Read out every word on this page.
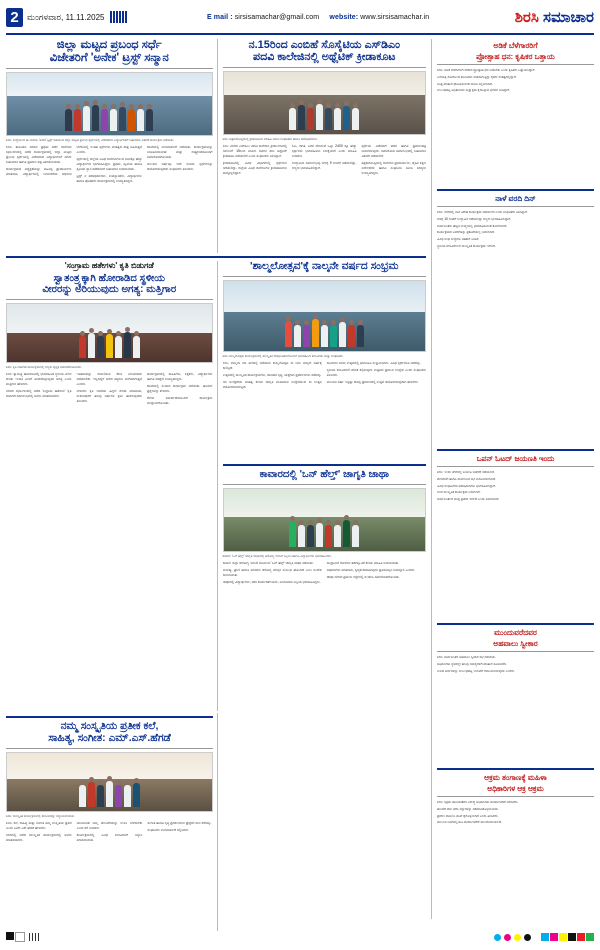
2 ಮಂಗಳವಾರ, 11.11.2025	E mail : sirsisamachar@gmail.com website: www.sirsisamachar.in	ಶಿರಸಿ ಸಮಾಚಾರ
ಜಿಲ್ಲಾ ಮಟ್ಟದ ಪ್ರಬಂಧ ಸರ್ಧೆ
ವಿಜೇತರಿಗೆ 'ಅನೇಕ' ಟ್ರಸ್ಟ್ ಸನ್ಮಾನ
ಶಿರಸಿ: ಸಂಸ್ಥೆಯಿಂದ ಈ ಬಾರಿಯ 'ಅನೇಕ' ಟ್ರಸ್ಟ್ ವತಿಯಿಂದ ಜಿಲ್ಲಾ ಮಟ್ಟದ ಪ್ರಬಂಧ ಸ್ಪರ್ಧೆಯಲ್ಲಿ ವಿಜೇತರಾದ ವಿದ್ಯಾರ್ಥಿಗಳಿಗೆ ಬಹುಮಾನ ವಿತರಣೆ ಕಾರ್ಯಕ್ರಮ ನಡೆಯಿತು.

ಶಿರಸಿ: ತಾಲೂಕಿನ ಸರಕಾರಿ ಪ್ರಥಮ ದರ್ಜೆ ಕಾಲೇಜಿನ ಸಭಾಂಗಣದಲ್ಲಿ ನಡೆದ ಕಾರ್ಯಕ್ರಮದಲ್ಲಿ ಜಿಲ್ಲಾ ಮಟ್ಟದ ಪ್ರಬಂಧ ಸ್ಪರ್ಧೆಯಲ್ಲಿ ವಿಜೇತರಾದ ವಿದ್ಯಾರ್ಥಿಗಳಿಗೆ ನಗದು ಬಹುಮಾನ ಹಾಗೂ ಪ್ರಮಾಣ ಪತ್ರ ವಿತರಿಸಲಾಯಿತು.

ಕಾರ್ಯಕ್ರಮದ ಅಧ್ಯಕ್ಷತೆಯನ್ನು ವಹಿಸಿದ್ದ ಪ್ರಾಚಾರ್ಯರು ಮಾತನಾಡಿ, ವಿದ್ಯಾರ್ಥಿಗಳಲ್ಲಿ ಬರವಣಿಗೆಯ ಅಭಿರುಚಿ ಬೆಳೆಸುವಲ್ಲಿ ಇಂತಹ ಸ್ಪರ್ಧೆಗಳು ಮಹತ್ವದ ಪಾತ್ರ ವಹಿಸುತ್ತವೆ ಎಂದರು.

ಸ್ಪರ್ಧೆಯಲ್ಲಿ ಜಿಲ್ಲೆಯ ವಿವಿಧ ಕಾಲೇಜುಗಳಿಂದ ನೂರಕ್ಕೂ ಹೆಚ್ಚು ವಿದ್ಯಾರ್ಥಿಗಳು ಭಾಗವಹಿಸಿದ್ದರು. ಪ್ರಥಮ, ದ್ವಿತೀಯ ಹಾಗೂ ತೃತೀಯ ಸ್ಥಾನ ಪಡೆದವರಿಗೆ ಬಹುಮಾನ ನೀಡಲಾಯಿತು.

ಟ್ರಸ್ಟ್ ನ ಪದಾಧಿಕಾರಿಗಳು, ಉಪನ್ಯಾಸಕರು, ವಿದ್ಯಾರ್ಥಿಗಳು ಹಾಗೂ ಪೋಷಕರು ಕಾರ್ಯಕ್ರಮದಲ್ಲಿ ಉಪಸ್ಥಿತರಿದ್ದರು.

ಕೊನೆಯಲ್ಲಿ ವಂದನಾರ್ಪಣೆ ನಡೆಯಿತು. ಕಾರ್ಯಕ್ರಮವನ್ನು ನಿರೂಪಿಸಲಾಯಿತು ಮತ್ತು ರಾಷ್ಟ್ರಗೀತೆಯೊಂದಿಗೆ ಸಮಾರೋಪಗೊಂಡಿತು.

ಮುಂದಿನ ವರ್ಷವೂ ಇದೇ ರೀತಿಯ ಸ್ಪರ್ಧೆಗಳನ್ನು ಆಯೋಜಿಸುವುದಾಗಿ ಸಂಘಟಕರು ತಿಳಿಸಿದರು.

ನ.15ರಿಂದ ಎಂಬಿಹೆ ಸೊಸೈಟಿಯ ಎಸ್‌ಡಿಎಂ
ಪದವಿ ಕಾಲೇಜಿನಲ್ಲಿ ಅಥ್ಲೆಟಿಕ್ ಕ್ರೀಡಾಕೂಟ
ಶಿರಸಿ: ಪತ್ರಿಕಾಗೋಷ್ಠಿಯಲ್ಲಿ ಕ್ರೀಡಾಕೂಟದ ಮಾಹಿತಿ ನೀಡಿದ ಸಂಘಟಕರು ಹಾಗೂ ಪದಾಧಿಕಾರಿಗಳು.

ಶಿರಸಿ: ನಗರದ ಎಸ್‌ಡಿಎಂ ಪದವಿ ಕಾಲೇಜಿನ ಕ್ರೀಡಾಂಗಣದಲ್ಲಿ ನವೆಂಬರ್ 15ರಿಂದ ಮೂರು ದಿನಗಳ ಕಾಲ ಅಥ್ಲೆಟಿಕ್ ಕ್ರೀಡಾಕೂಟ ನಡೆಯಲಿದೆ ಎಂದು ಸಂಘಟಕರು ತಿಳಿಸಿದ್ದಾರೆ.

ಕ್ರೀಡಾಕೂಟದಲ್ಲಿ ವಿವಿಧ ವಿಭಾಗಗಳಲ್ಲಿ ಸ್ಪರ್ಧೆಗಳು ನಡೆಯಲಿದ್ದು, ಜಿಲ್ಲೆಯ ವಿವಿಧ ಕಾಲೇಜುಗಳ ಕ್ರೀಡಾಪಟುಗಳು ಪಾಲ್ಗೊಳ್ಳಲಿದ್ದಾರೆ.

ಓಟ, ಜಿಗಿತ, ಎಸೆತ ಸೇರಿದಂತೆ ಒಟ್ಟು 2400 ಕ್ಕೂ ಹೆಚ್ಚು ಸ್ಪರ್ಧಿಗಳು ಭಾಗವಹಿಸುವ ನಿರೀಕ್ಷೆಯಿದೆ ಎಂದು ಮಾಹಿತಿ ನೀಡಿದರು.

ಉದ್ಘಾಟನಾ ಸಮಾರಂಭವು ಬೆಳಿಗ್ಗೆ 9 ಗಂಟೆಗೆ ನಡೆಯಲಿದ್ದು, ಗಣ್ಯರು ಭಾಗವಹಿಸಲಿದ್ದಾರೆ.

ಸ್ಪರ್ಧೆಯ ವಿಜೇತರಿಗೆ ಪದಕ ಹಾಗೂ ಪ್ರಮಾಣಪತ್ರ ನೀಡಲಾಗುವುದು. ಸಮಾರೋಪ ಸಮಾರಂಭದಲ್ಲಿ ಬಹುಮಾನ ವಿತರಣೆ ನಡೆಯಲಿದೆ.

ಪತ್ರಿಕಾಗೋಷ್ಠಿಯಲ್ಲಿ ಕಾಲೇಜಿನ ಪ್ರಾಚಾರ್ಯರು, ದೈಹಿಕ ಶಿಕ್ಷಣ ನಿರ್ದೇಶಕರು ಹಾಗೂ ಸಂಘಟನಾ ಸಮಿತಿ ಸದಸ್ಯರು ಉಪಸ್ಥಿತರಿದ್ದರು.

'ಸಂಗ್ರಾಮ ಹತೇಗಳು' ಕೃತಿ ಬಿಡುಗಡೆ
ಸ್ವಾತಂತ್ರ್ಯಕ್ಕಾಗಿ ಹೋರಾಡಿದ ಸ್ಥಳೀಯ
ವೀರರನ್ನು ಅರಿಯುವುದು ಅಗತ್ಯ: ಮತ್ತಿಗಾರ
ಶಿರಸಿ: ಕೃತಿ ಬಿಡುಗಡೆ ಕಾರ್ಯಕ್ರಮದಲ್ಲಿ ಗಣ್ಯರು ಪುಸ್ತಕ ಬಿಡುಗಡೆಗೊಳಿಸಿದರು.

ಶಿರಸಿ: ಸ್ವಾತಂತ್ರ್ಯ ಹೋರಾಟದಲ್ಲಿ ಭಾಗವಹಿಸಿದ ಸ್ಥಳೀಯ ವೀರರ ಕುರಿತು ಇಂದಿನ ಪೀಳಿಗೆ ತಿಳಿದುಕೊಳ್ಳುವುದು ಅಗತ್ಯ ಎಂದು ಮತ್ತಿಗಾರ ಹೇಳಿದರು.

ನಗರದ ಸಭಾಂಗಣದಲ್ಲಿ ನಡೆದ 'ಸಂಗ್ರಾಮ ಹತೇಗಳು' ಕೃತಿ ಬಿಡುಗಡೆ ಸಮಾರಂಭದಲ್ಲಿ ಅವರು ಮಾತನಾಡಿದರು.

ಇತಿಹಾಸವನ್ನು ದಾಖಲಿಸುವ ಕೆಲಸ ನಿರಂತರವಾಗಿ ನಡೆಯಬೇಕು. ಇಲ್ಲದಿದ್ದರೆ ಅನೇಕ ಸತ್ಯಗಳು ಮರೆಯಾಗುತ್ತವೆ ಎಂದರು.

ಲೇಖಕರು ಕೃತಿ ರಚನೆಯ ಹಿನ್ನೆಲೆ ಕುರಿತು ಮಾತನಾಡಿ, ಸಂಶೋಧನೆಗೆ ಹಲವು ವರ್ಷಗಳ ಶ್ರಮ ಹಾಕಿರುವುದಾಗಿ ತಿಳಿಸಿದರು.

ಕಾರ್ಯಕ್ರಮದಲ್ಲಿ ಸಾಹಿತಿಗಳು, ಶಿಕ್ಷಕರು, ವಿದ್ಯಾರ್ಥಿಗಳು ಹಾಗೂ ಆಸಕ್ತರು ಉಪಸ್ಥಿತರಿದ್ದರು.

ಕೊನೆಯಲ್ಲಿ ಸಂವಾದ ಕಾರ್ಯಕ್ರಮ ನಡೆಯಿತು. ಹಲವರು ಪ್ರಶ್ನೆಗಳನ್ನು ಕೇಳಿದರು.

ಗೌರವ ಸಮರ್ಪಣೆಯೊಂದಿಗೆ ಕಾರ್ಯಕ್ರಮ ಮುಕ್ತಾಯಗೊಂಡಿತು.

'ಶಾಲ್ಮಲೋತ್ಸವ'ಕ್ಕೆ ನಾಲ್ಕನೇ ವರ್ಷದ ಸಂಭ್ರಮ
ಶಿರಸಿ: ಶಾಲ್ಮಲೋತ್ಸವ ಕಾರ್ಯಕ್ರಮದಲ್ಲಿ ಸಾಂಸ್ಕೃತಿಕ ವೇಷಭೂಷಣದೊಂದಿಗೆ ಭಾಗವಹಿಸಿದ ಕಲಾವಿದರು ಮತ್ತು ಸಂಘಟಕರು.

ಶಿರಸಿ: ಶಾಲ್ಮಲಾ ನದಿ ತೀರದಲ್ಲಿ ನಡೆಯುವ ಶಾಲ್ಮಲೋತ್ಸವ ಈ ಬಾರಿ ನಾಲ್ಕನೇ ವರ್ಷಕ್ಕೆ ಕಾಲಿಟ್ಟಿದೆ.

ಉತ್ಸವದಲ್ಲಿ ಸಾಂಸ್ಕೃತಿಕ ಕಾರ್ಯಕ್ರಮಗಳು, ಜಾನಪದ ನೃತ್ಯ, ಯಕ್ಷಗಾನ ಪ್ರದರ್ಶನಗಳು ನಡೆದವು.

ನದಿ ಸಂರಕ್ಷಣೆಯ ಮಹತ್ವ ಕುರಿತು ಜಾಗೃತಿ ಮೂಡಿಸುವ ಉದ್ದೇಶದಿಂದ ಈ ಉತ್ಸವ ಆಯೋಜಿಸಲಾಗುತ್ತಿದೆ.

ಸಾವಿರಾರು ಜನರು ಉತ್ಸವದಲ್ಲಿ ಭಾಗವಹಿಸಿ ಸಂಭ್ರಮಿಸಿದರು. ವಿವಿಧ ಸ್ಪರ್ಧೆಗಳೂ ನಡೆದವು.

ಸ್ಥಳೀಯ ಕಲಾವಿದರಿಗೆ ವೇದಿಕೆ ಕಲ್ಪಿಸುವುದು ಉತ್ಸವದ ಪ್ರಮುಖ ಉದ್ದೇಶ ಎಂದು ಸಂಘಟಕರು ತಿಳಿಸಿದರು.

ಮುಂದಿನ ವರ್ಷ ಇನ್ನಷ್ಟು ದೊಡ್ಡ ಪ್ರಮಾಣದಲ್ಲಿ ಉತ್ಸವ ಆಯೋಜಿಸುವುದಾಗಿ ಹೇಳಿದರು.

ಕಾವಾರದಲ್ಲಿ 'ಒನ್ ಹೆಲ್ತ್' ಜಾಗೃತಿ ಜಾಥಾ
ಕಾವಾರ: 'ಒನ್ ಹೆಲ್ತ್' ಜಾಗೃತಿ ಜಾಥಾದಲ್ಲಿ ಆರೋಗ್ಯ ಇಲಾಖೆ ಸಿಬ್ಬಂದಿ ಹಾಗೂ ವಿದ್ಯಾರ್ಥಿಗಳು ಭಾಗವಹಿಸಿದರು.

ಕಾವಾರ: ಜಿಲ್ಲಾ ಆರೋಗ್ಯ ಇಲಾಖೆ ವತಿಯಿಂದ 'ಒನ್ ಹೆಲ್ತ್' ಜಾಗೃತಿ ಜಾಥಾ ನಡೆಯಿತು.

ಮನುಷ್ಯ, ಪ್ರಾಣಿ ಹಾಗೂ ಪರಿಸರದ ಆರೋಗ್ಯ ಪರಸ್ಪರ ಸಂಬಂಧ ಹೊಂದಿದೆ ಎಂಬ ಸಂದೇಶ ಸಾರಲಾಯಿತು.

ಜಾಥಾದಲ್ಲಿ ವಿದ್ಯಾರ್ಥಿಗಳು, ಆಶಾ ಕಾರ್ಯಕರ್ತೆಯರು, ಅಂಗನವಾಡಿ ಸಿಬ್ಬಂದಿ ಭಾಗವಹಿಸಿದ್ದರು.

ಸಾಂಕ್ರಾಮಿಕ ರೋಗಗಳ ತಡೆಗಟ್ಟುವಿಕೆ ಕುರಿತು ಮಾಹಿತಿ ನೀಡಲಾಯಿತು.

ಅಧಿಕಾರಿಗಳು ಮಾತನಾಡಿ, ಸ್ವಚ್ಛತೆ ಕಾಪಾಡುವುದು ಪ್ರತಿಯೊಬ್ಬರ ಜವಾಬ್ದಾರಿ ಎಂದರು.

ಜಾಥಾ ನಗರದ ಪ್ರಮುಖ ರಸ್ತೆಗಳಲ್ಲಿ ಸಂಚರಿಸಿ ಸಮಾರೋಪಗೊಂಡಿತು.

ನಮ್ಮ ಸಂಸ್ಕೃತಿಯ ಪ್ರತೀಕ ಕಲೆ,
ಸಾಹಿತ್ಯ, ಸಂಗೀತ: ಎಮ್.ಎಸ್.ಹೆಗಡೆ
ಶಿರಸಿ: ಸಾಂಸ್ಕೃತಿಕ ಕಾರ್ಯಕ್ರಮದಲ್ಲಿ ಕಲಾವಿದರನ್ನು ಸನ್ಮಾನಿಸಲಾಯಿತು.

ಶಿರಸಿ: ಕಲೆ, ಸಾಹಿತ್ಯ ಮತ್ತು ಸಂಗೀತ ನಮ್ಮ ಸಂಸ್ಕೃತಿಯ ಪ್ರತೀಕ ಎಂದು ಎಮ್.ಎಸ್.ಹೆಗಡೆ ಹೇಳಿದರು.

ನಗರದಲ್ಲಿ ನಡೆದ ಸಾಂಸ್ಕೃತಿಕ ಕಾರ್ಯಕ್ರಮದಲ್ಲಿ ಅವರು ಮಾತನಾಡಿದರು.

ಯುವಜನತೆ ನಮ್ಮ ಪರಂಪರೆಯನ್ನು ಉಳಿಸಿ ಬೆಳೆಸಬೇಕು ಎಂದು ಕರೆ ನೀಡಿದರು.

ಕಾರ್ಯಕ್ರಮದಲ್ಲಿ ವಿವಿಧ ಕಲಾವಿದರಿಗೆ ಸನ್ಮಾನ ಮಾಡಲಾಯಿತು.

ಸಂಗೀತ ಹಾಗೂ ನೃತ್ಯ ಪ್ರದರ್ಶನಗಳು ಪ್ರೇಕ್ಷಕರ ಮನ ಸೆಳೆದವು.

ಸಂಘಟಕರು ವಂದನಾರ್ಪಣೆ ಸಲ್ಲಿಸಿದರು.

ಅಡಿಕೆ ಬೆಳೆಗಾರರಿಗೆ
ಪ್ರೋತ್ಸಾಹ ಧನ: ಕೃಷಿಕರ ಒತ್ತಾಯ

ಶಿರಸಿ: ಅಡಿಕೆ ಬೆಳೆಗಾರರಿಗೆ ಸರಕಾರ ಪ್ರೋತ್ಸಾಹ ಧನ ನೀಡಬೇಕು ಎಂದು ಕೃಷಿಕರು ಒತ್ತಾಯಿಸಿದ್ದಾರೆ.

ಎಲೆಚುಕ್ಕಿ ರೋಗದಿಂದ ತೋಟಗಳು ನಾಶವಾಗುತ್ತಿದ್ದು ರೈತರು ಸಂಕಷ್ಟದಲ್ಲಿದ್ದಾರೆ.

ಸೂಕ್ತ ಪರಿಹಾರ ಘೋಷಿಸುವಂತೆ ಮನವಿ ಸಲ್ಲಿಸಲಾಗಿದೆ.

ಸಂಬಂಧಪಟ್ಟ ಅಧಿಕಾರಿಗಳು ಶೀಘ್ರ ಕ್ರಮ ಕೈಗೊಳ್ಳುವ ಭರವಸೆ ನೀಡಿದ್ದಾರೆ.

ನಾಳೆ ವರದಿ ದಿನ್

ಶಿರಸಿ: ನಗರದಲ್ಲಿ ನಾಳೆ ವಿಶೇಷ ಕಾರ್ಯಕ್ರಮ ನಡೆಯಲಿದೆ ಎಂದು ಸಂಘಟಕರು ತಿಳಿಸಿದ್ದಾರೆ.

ಬೆಳಿಗ್ಗೆ 10 ಗಂಟೆಗೆ ಉದ್ಘಾಟನೆ ನಡೆಯಲಿದ್ದು ಗಣ್ಯರು ಭಾಗವಹಿಸಲಿದ್ದಾರೆ.

ಸಾರ್ವಜನಿಕರು ಹೆಚ್ಚಿನ ಸಂಖ್ಯೆಯಲ್ಲಿ ಭಾಗವಹಿಸುವಂತೆ ಕೋರಲಾಗಿದೆ.

ಕಾರ್ಯಕ್ರಮದ ವಿವರಗಳನ್ನು ಪ್ರಕಟಣೆಯಲ್ಲಿ ನೀಡಲಾಗಿದೆ.

ವಿವಿಧ ಸಂಘ ಸಂಸ್ಥೆಗಳು ಸಹಕಾರ ನೀಡಿವೆ.

ಸ್ಥಳೀಯ ಕಲಾವಿದರಿಂದ ಸಾಂಸ್ಕೃತಿಕ ಕಾರ್ಯಕ್ರಮ ಇರಲಿದೆ.

ಒಪನ್ ಓಟದ್ ಜಯಣತಿ ಇಂದು

ಶಿರಸಿ: ಇಂದು ನಗರದಲ್ಲಿ ಜಯಂತಿ ಆಚರಣೆ ನಡೆಯಲಿದೆ.

ಮೆರವಣಿಗೆ ಹಾಗೂ ಸಾರ್ವಜನಿಕ ಸಭೆ ಆಯೋಜಿಸಲಾಗಿದೆ.

ವಿವಿಧ ಸಂಘಟನೆಗಳ ಪದಾಧಿಕಾರಿಗಳು ಭಾಗವಹಿಸಲಿದ್ದಾರೆ.

ಸಂಜೆ ಸಾಂಸ್ಕೃತಿಕ ಕಾರ್ಯಕ್ರಮ ಜರುಗಲಿದೆ.

ಸಾರ್ವಜನಿಕರಿಗೆ ಮುಕ್ತ ಪ್ರವೇಶ ಇರಲಿದೆ ಎಂದು ತಿಳಿಸಲಾಗಿದೆ.

ಮುಂದುವರೆದವರ
ಅಹವಾಲು ಸ್ವೀಕಾರ

ಶಿರಸಿ: ಸಾರ್ವಜನಿಕರ ಅಹವಾಲು ಸ್ವೀಕಾರ ಸಭೆ ನಡೆಯಿತು.

ಅಧಿಕಾರಿಗಳು ಸ್ಥಳದಲ್ಲೇ ಹಲವು ಸಮಸ್ಯೆಗಳಿಗೆ ಪರಿಹಾರ ಸೂಚಿಸಿದರು.

ಉಳಿದ ಅರ್ಜಿಗಳನ್ನು ಸಂಬಂಧಪಟ್ಟ ಇಲಾಖೆಗೆ ರವಾನಿಸಲಾಗುವುದು ಎಂದರು.

ಆಕ್ರಮ ತಂಗಾಣಕ್ಕೆ ಮಹಿಳಾ
ಅಧಿಕಾರಿಗಳ ಆಕ್ರ ಆಕ್ರಮ

ಶಿರಸಿ: ಅಕ್ರಮ ಚಟುವಟಿಕೆಗಳ ವಿರುದ್ಧ ಅಧಿಕಾರಿಗಳು ಕಾರ್ಯಾಚರಣೆ ನಡೆಸಿದರು.

ಹಲವೆಡೆ ದಾಳಿ ನಡೆಸಿ ವಸ್ತುಗಳನ್ನು ವಶಪಡಿಸಿಕೊಳ್ಳಲಾಯಿತು.

ಪ್ರಕರಣ ದಾಖಲಿಸಿ ತನಿಖೆ ಕೈಗೊಳ್ಳಲಾಗಿದೆ ಎಂದು ತಿಳಿಸಿದರು.

ಮುಂದಿನ ದಿನಗಳಲ್ಲಿಯೂ ಕಾರ್ಯಾಚರಣೆ ಮುಂದುವರಿಯಲಿದೆ.
